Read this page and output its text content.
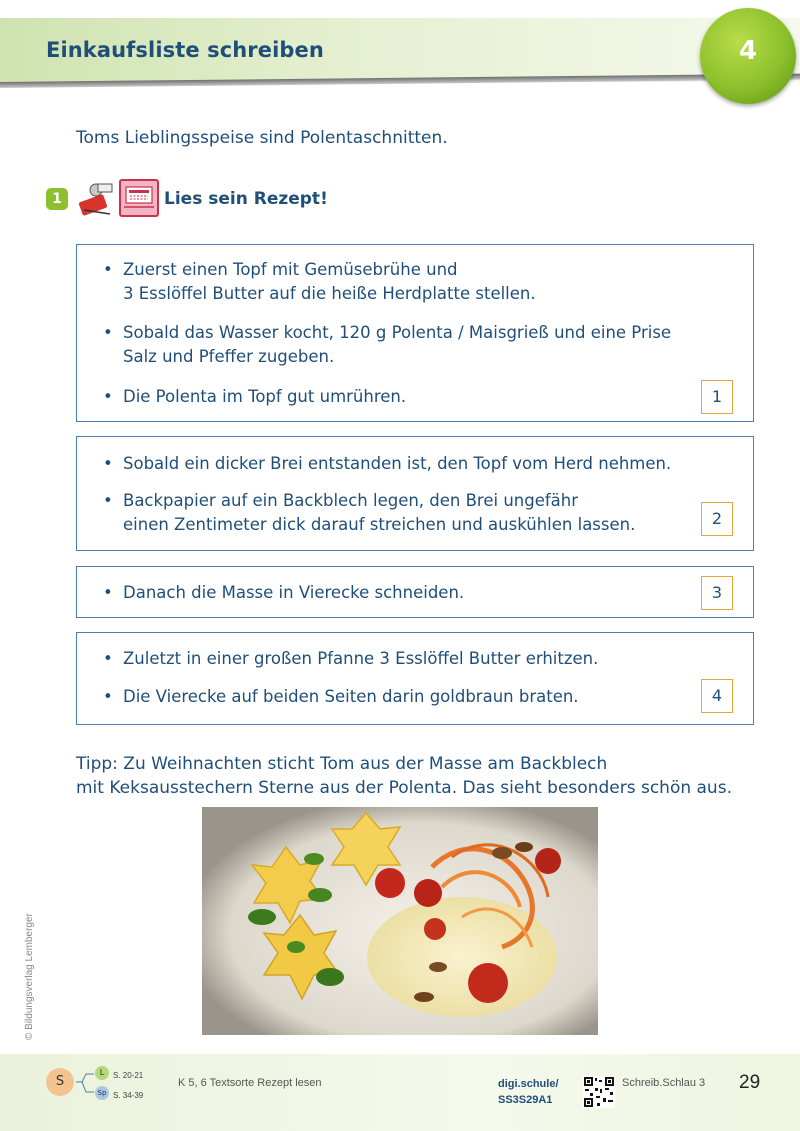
Einkaufsliste schreiben	4
Toms Lieblingsspeise sind Polentaschnitten.
1	Lies sein Rezept!
• Zuerst einen Topf mit Gemüsebrühe und
3 Esslöffel Butter auf die heiße Herdplatte stellen.
• Sobald das Wasser kocht, 120 g Polenta / Maisgrieß und eine Prise
Salz und Pfeffer zugeben.
• Die Polenta im Topf gut umrühren.	1
• Sobald ein dicker Brei entstanden ist, den Topf vom Herd nehmen.
• Backpapier auf ein Backblech legen, den Brei ungefähr
einen Zentimeter dick darauf streichen und auskühlen lassen.	2
• Danach die Masse in Vierecke schneiden.	3
• Zuletzt in einer großen Pfanne 3 Esslöffel Butter erhitzen.
• Die Vierecke auf beiden Seiten darin goldbraun braten.	4
Tipp: Zu Weihnachten sticht Tom aus der Masse am Backblech
mit Keksausstechern Sterne aus der Polenta. Das sieht besonders schön aus.
© Bildungsverlag Lemberger
S
L	S. 20-21
Sp S. 34-39
K 5, 6 Textsorte Rezept lesen	digi.schule/
SS3S29A1
Schreib.Schlau 3 29
